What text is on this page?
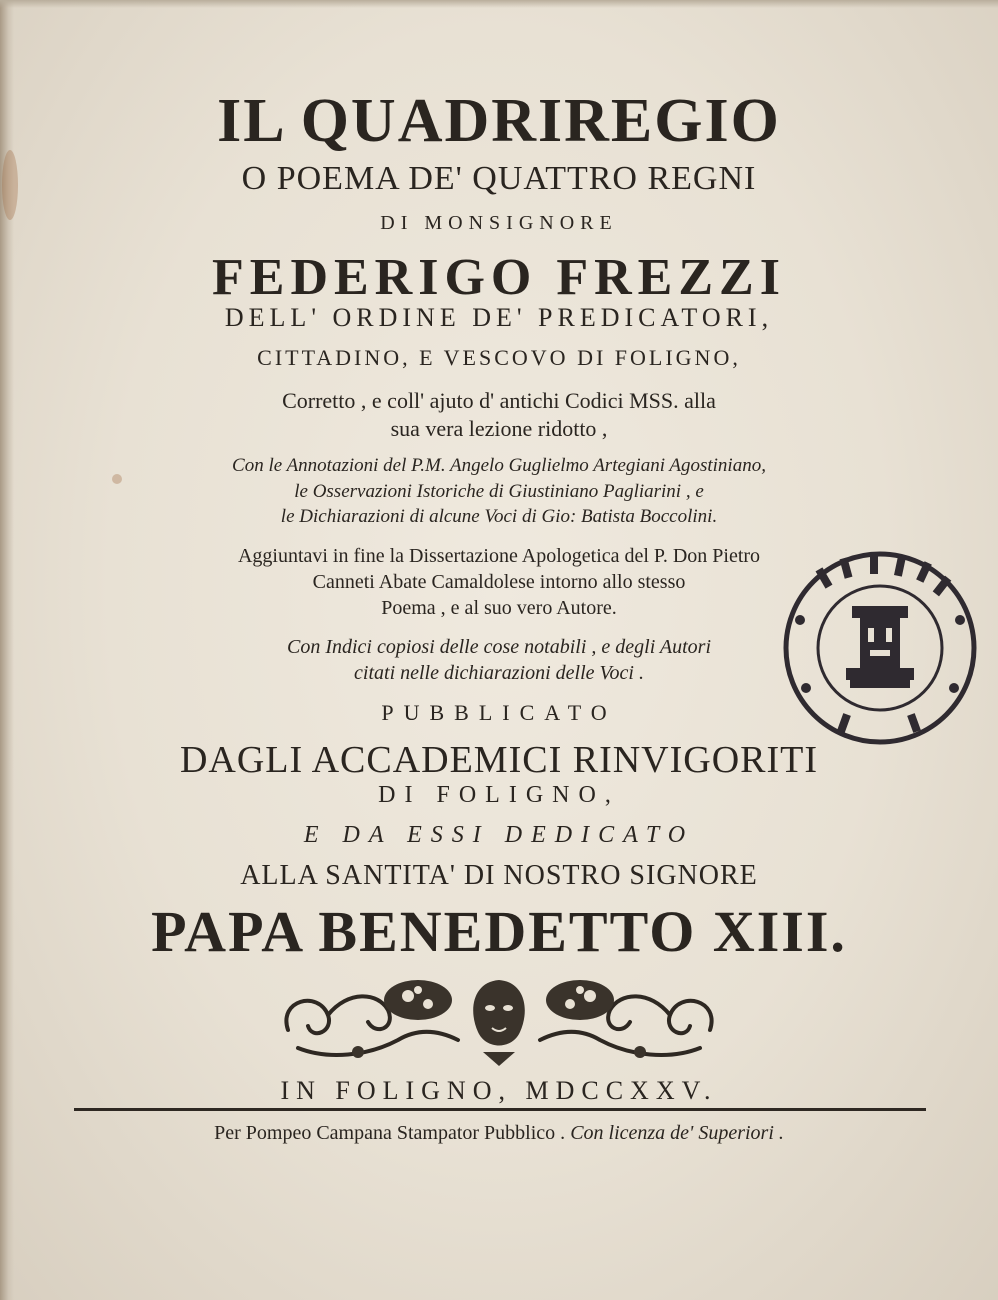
IL QUADRIREGIO
O POEMA DE' QUATTRO REGNI
DI MONSIGNORE
FEDERIGO FREZZI
DELL' ORDINE DE' PREDICATORI,
CITTADINO, E VESCOVO DI FOLIGNO,
Corretto , e coll' ajuto d' antichi Codici MSS. alla
sua vera lezione ridotto ,
Con le Annotazioni del P.M. Angelo Guglielmo Artegiani Agostiniano,
le Osservazioni Istoriche di Giustiniano Pagliarini , e
le Dichiarazioni di alcune Voci di Gio: Batista Boccolini.
Aggiuntavi in fine la Dissertazione Apologetica del P. Don Pietro
Canneti Abate Camaldolese intorno allo stesso
Poema , e al suo vero Autore.
Con Indici copiosi delle cose notabili , e degli Autori
citati nelle dichiarazioni delle Voci .
PUBBLICATO
DAGLI ACCADEMICI RINVIGORITI
DI FOLIGNO,
E DA ESSI DEDICATO
ALLA SANTITA' DI NOSTRO SIGNORE
PAPA BENEDETTO XIII.
IN FOLIGNO, MDCCXXV.
Per Pompeo Campana Stampator Pubblico . Con licenza de' Superiori .
